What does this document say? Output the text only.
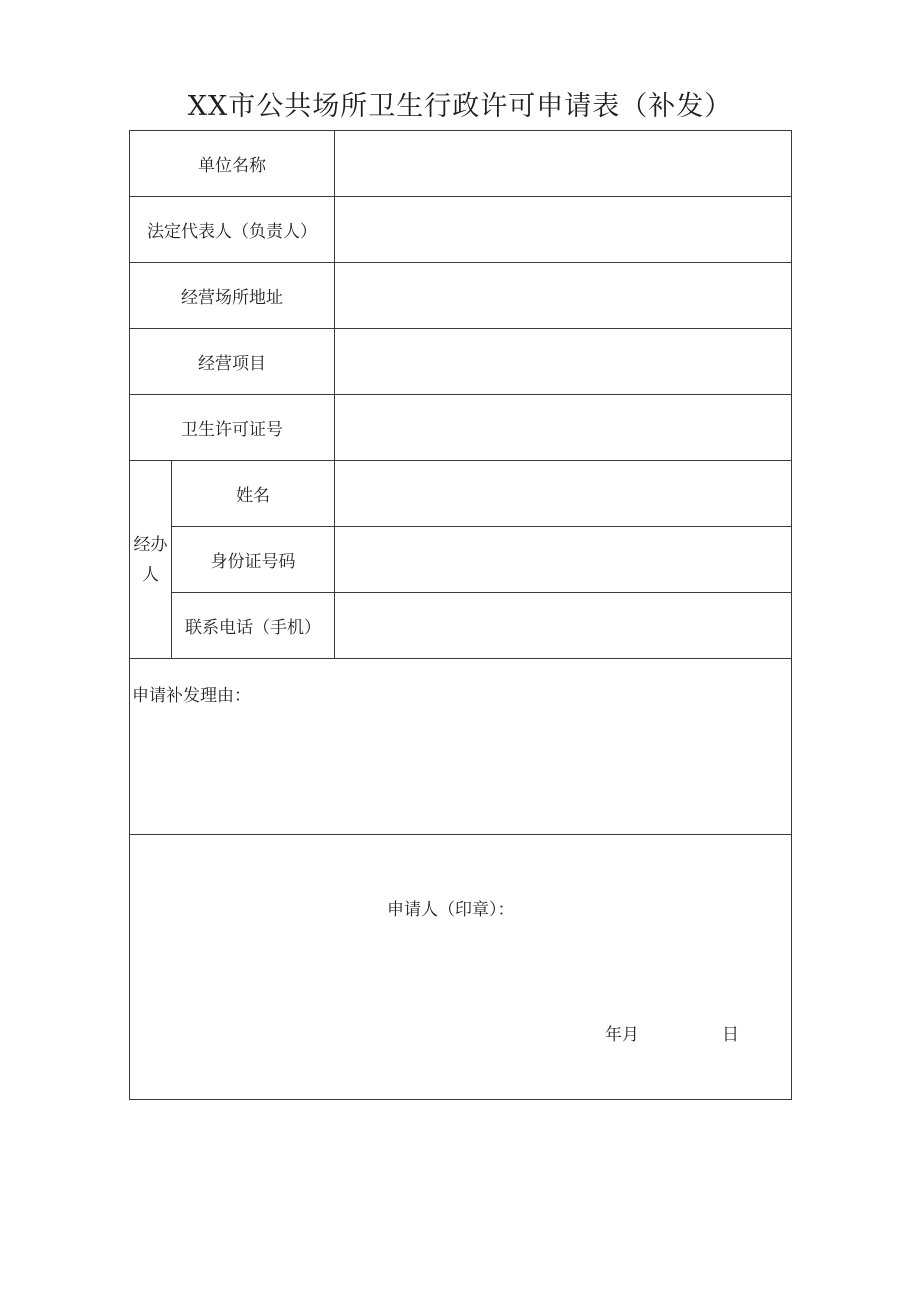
XX市公共场所卫生行政许可申请表（补发）
单位名称		
法定代表人（负责人）		
经营场所地址		
经营项目		
卫生许可证号		

经办
人	姓名	
	身份证号码	
	联系电话（手机）	

申请补发理由：		

申请人（印章）：
年月 日		
